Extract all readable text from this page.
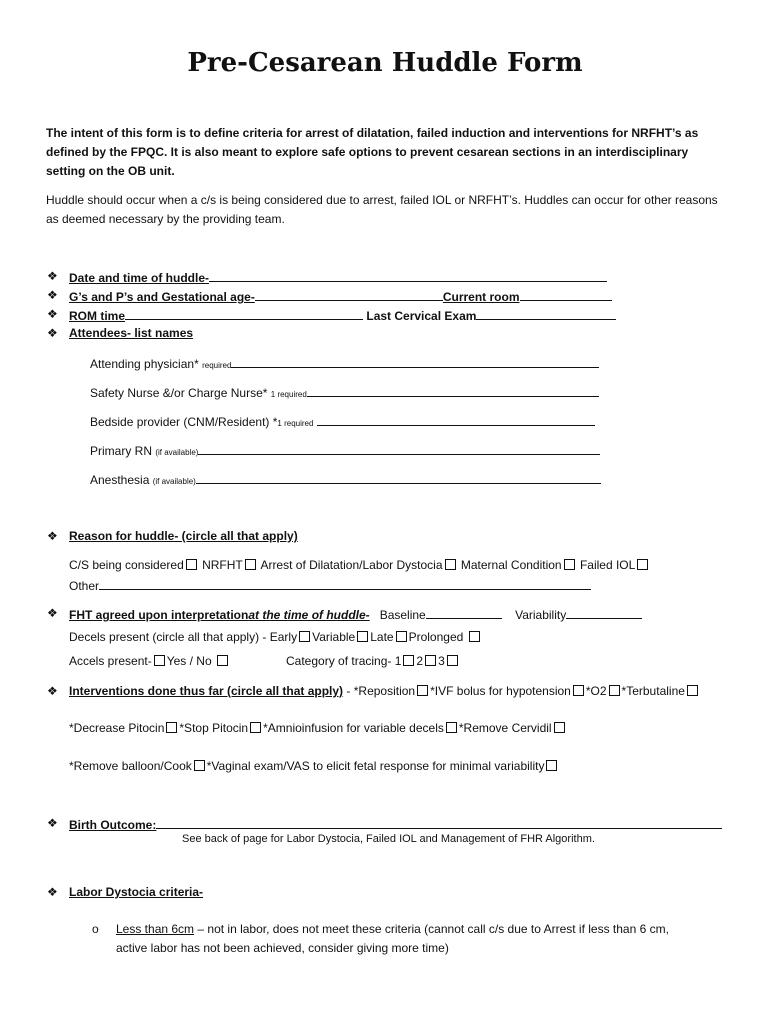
Pre-Cesarean Huddle Form
The intent of this form is to define criteria for arrest of dilatation, failed induction and interventions for NRFHT’s as defined by the FPQC. It is also meant to explore safe options to prevent cesarean sections in an interdisciplinary setting on the OB unit.
Huddle should occur when a c/s is being considered due to arrest, failed IOL or NRFHT’s. Huddles can occur for other reasons as deemed necessary by the providing team.
❖ Date and time of huddle-
❖ G’s and P’s and Gestational age-	Current room
❖ ROM time	Last Cervical Exam
❖ Attendees- list names
Attending physician* required
Safety Nurse &/or Charge Nurse* 1 required
Bedside provider (CNM/Resident) *1 required
Primary RN (if available)
Anesthesia (if available)
❖ Reason for huddle- (circle all that apply)
C/S being considered NRFHT Arrest of Dilatation/Labor Dystocia Maternal Condition Failed IOL
Other
❖ FHT agreed upon interpretationat the time of huddle- Baseline	Variability
Decels present (circle all that apply) - Early Variable Late Prolonged
Accels present- Yes / No	Category of tracing- 1 2 3
❖ Interventions done thus far (circle all that apply) - *Reposition *IVF bolus for hypotension *O2 *Terbutaline
*Decrease Pitocin *Stop Pitocin *Amnioinfusion for variable decels *Remove Cervidil
*Remove balloon/Cook *Vaginal exam/VAS to elicit fetal response for minimal variability
❖ Birth Outcome:
See back of page for Labor Dystocia, Failed IOL and Management of FHR Algorithm.
❖ Labor Dystocia criteria-
o Less than 6cm – not in labor, does not meet these criteria (cannot call c/s due to Arrest if less than 6 cm,
active labor has not been achieved, consider giving more time)
